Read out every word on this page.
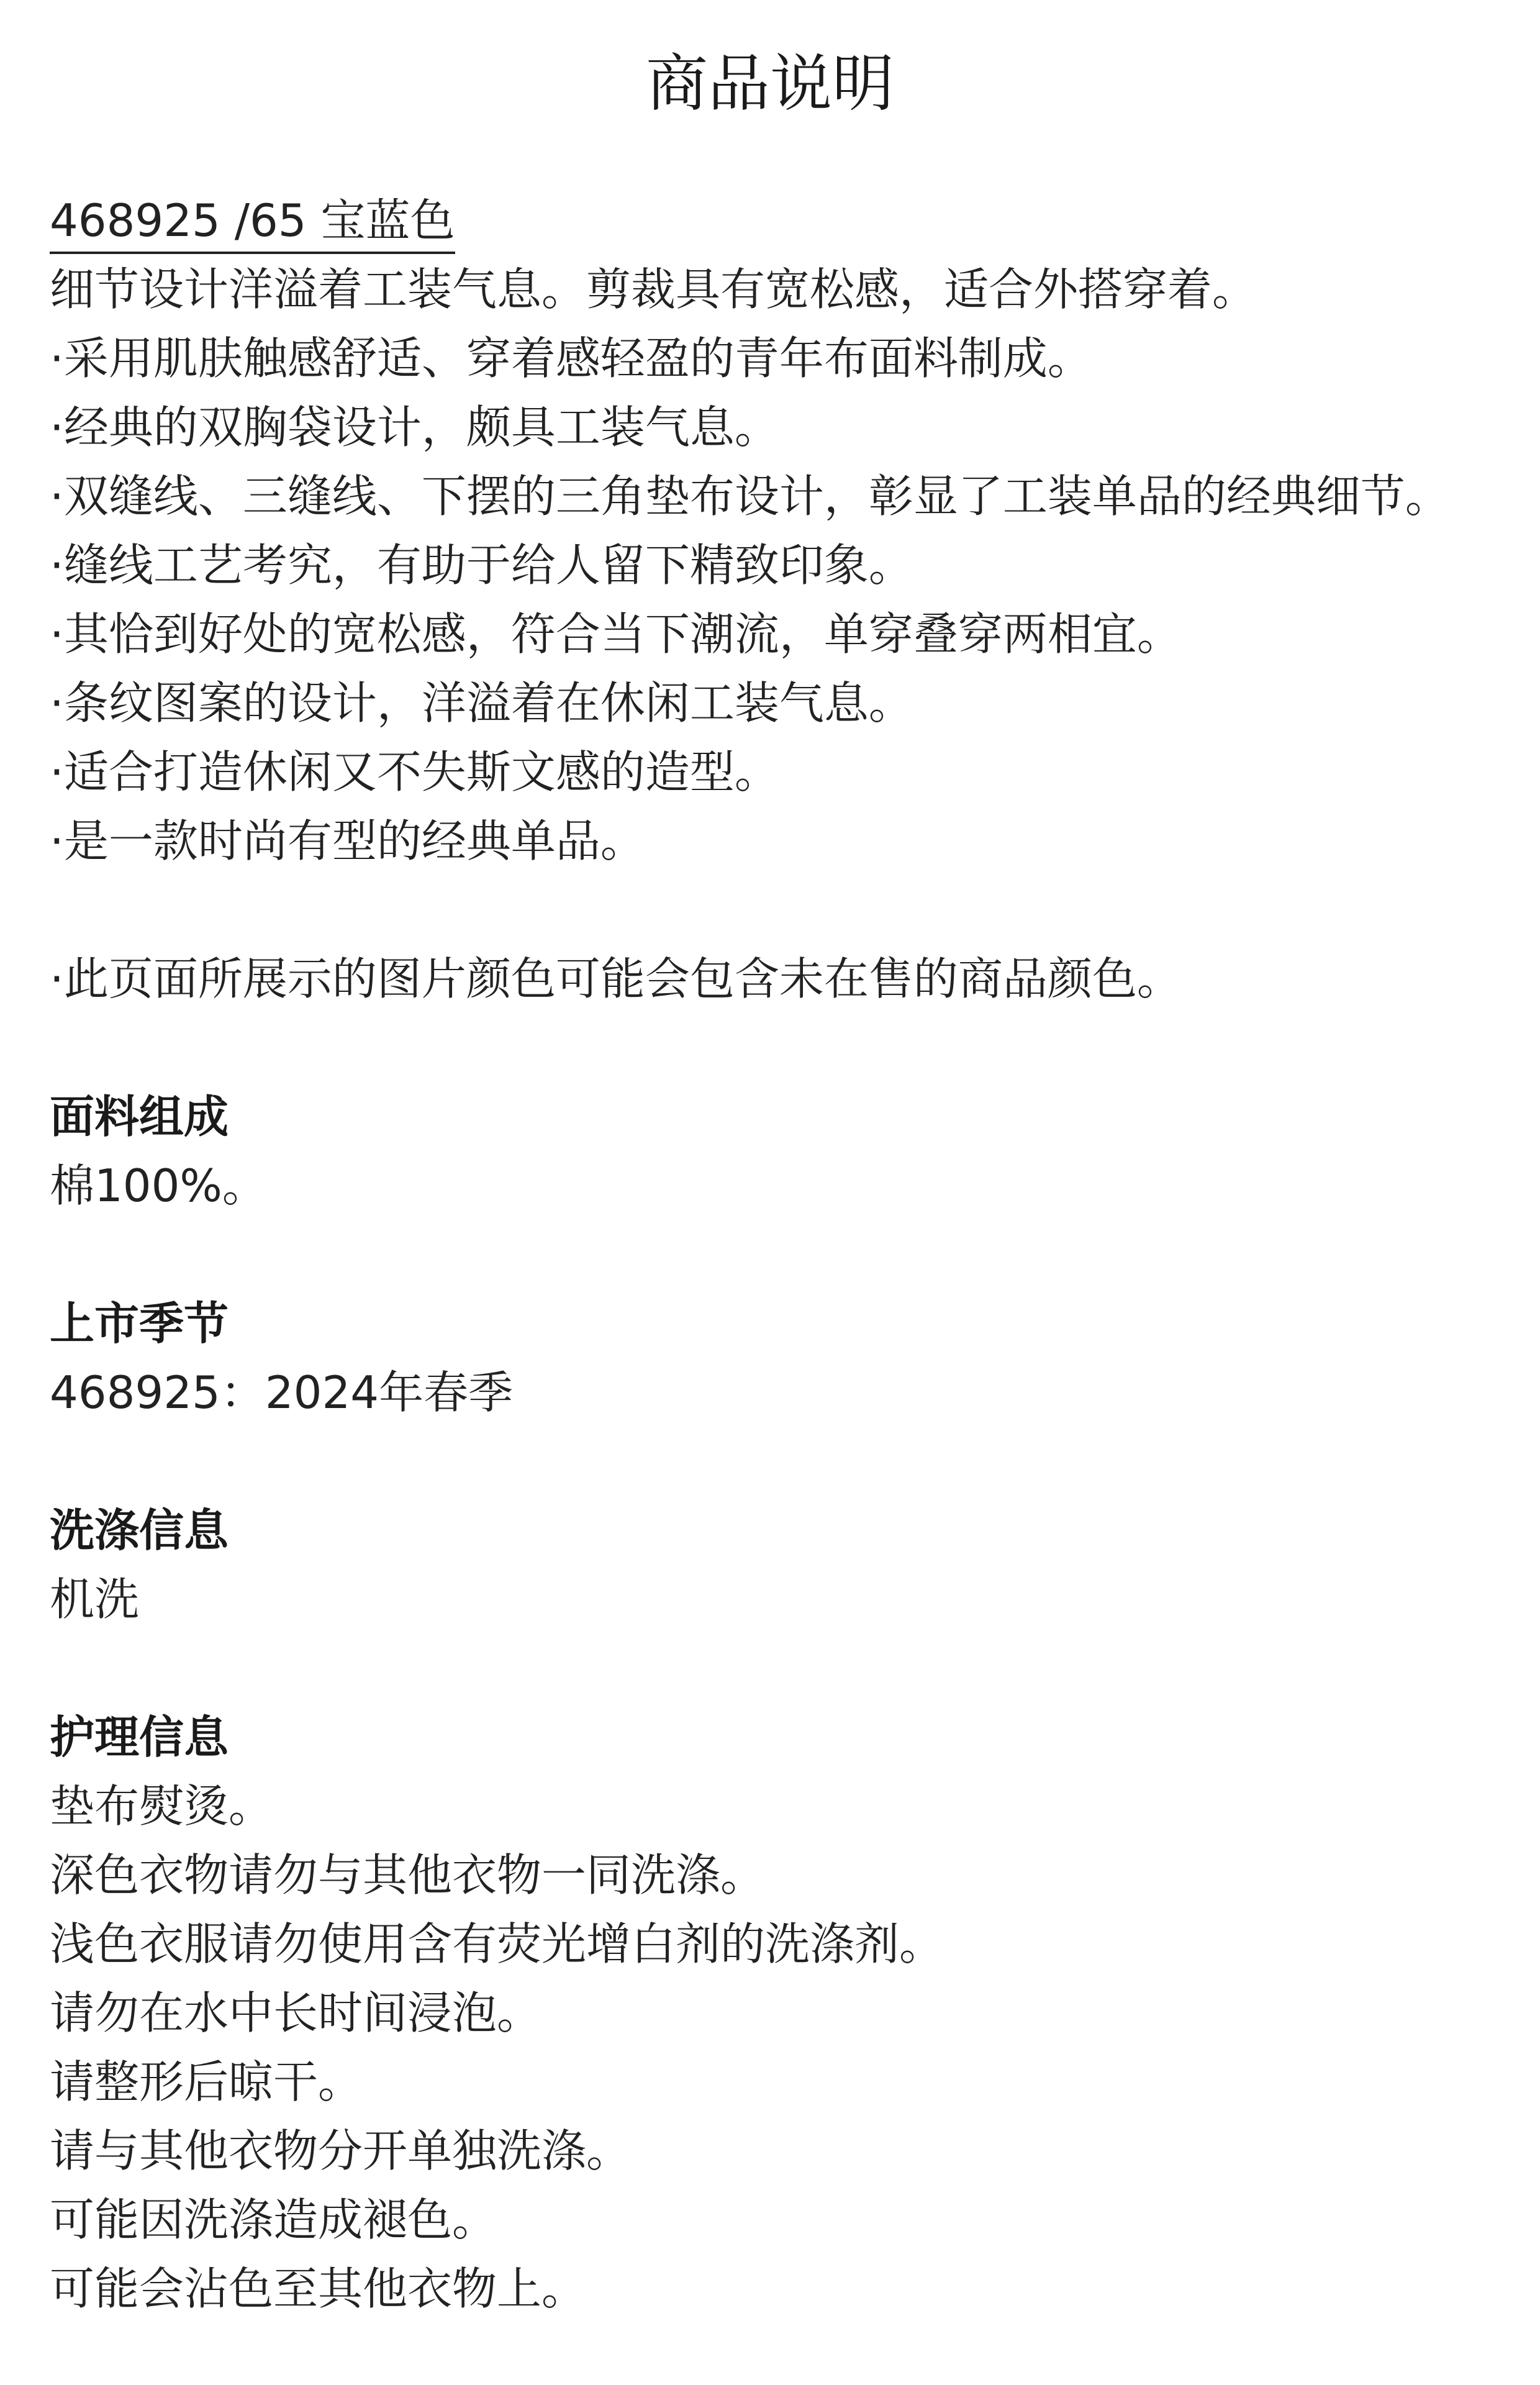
商品说明
468925 /65 宝蓝色
细节设计洋溢着工装气息。剪裁具有宽松感，适合外搭穿着。
·采用肌肤触感舒适、穿着感轻盈的青年布面料制成。
·经典的双胸袋设计，颇具工装气息。
·双缝线、三缝线、下摆的三角垫布设计，彰显了工装单品的经典细节。
·缝线工艺考究，有助于给人留下精致印象。
·其恰到好处的宽松感，符合当下潮流，单穿叠穿两相宜。
·条纹图案的设计，洋溢着在休闲工装气息。
·适合打造休闲又不失斯文感的造型。
·是一款时尚有型的经典单品。
·此页面所展示的图片颜色可能会包含未在售的商品颜色。
面料组成
棉100%。
上市季节
468925：2024年春季
洗涤信息
机洗
护理信息
垫布熨烫。
深色衣物请勿与其他衣物一同洗涤。
浅色衣服请勿使用含有荧光增白剂的洗涤剂。
请勿在水中长时间浸泡。
请整形后晾干。
请与其他衣物分开单独洗涤。
可能因洗涤造成褪色。
可能会沾色至其他衣物上。
